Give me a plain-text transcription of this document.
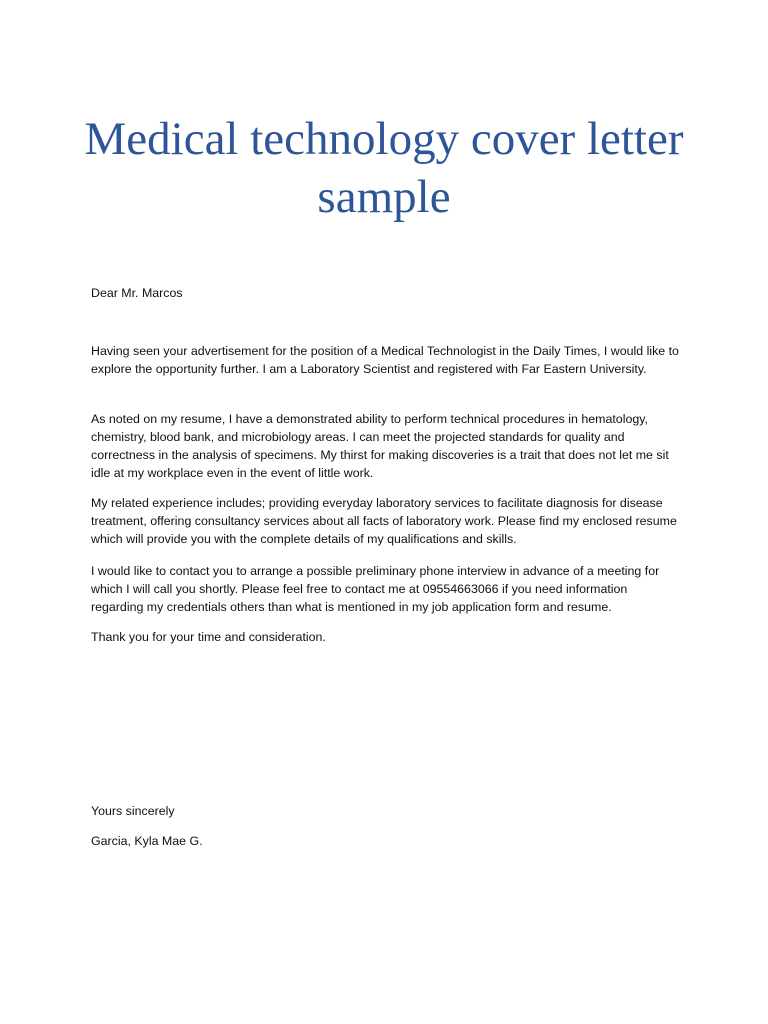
Medical technology cover letter sample

Dear Mr. Marcos

Having seen your advertisement for the position of a Medical Technologist in the Daily Times, I would like to explore the opportunity further. I am a Laboratory Scientist and registered with Far Eastern University.

As noted on my resume, I have a demonstrated ability to perform technical procedures in hematology, chemistry, blood bank, and microbiology areas. I can meet the projected standards for quality and correctness in the analysis of specimens. My thirst for making discoveries is a trait that does not let me sit idle at my workplace even in the event of little work.

My related experience includes; providing everyday laboratory services to facilitate diagnosis for disease treatment, offering consultancy services about all facts of laboratory work. Please find my enclosed resume which will provide you with the complete details of my qualifications and skills.

I would like to contact you to arrange a possible preliminary phone interview in advance of a meeting for which I will call you shortly. Please feel free to contact me at 09554663066 if you need information regarding my credentials others than what is mentioned in my job application form and resume.

Thank you for your time and consideration.

Yours sincerely

Garcia, Kyla Mae G.
